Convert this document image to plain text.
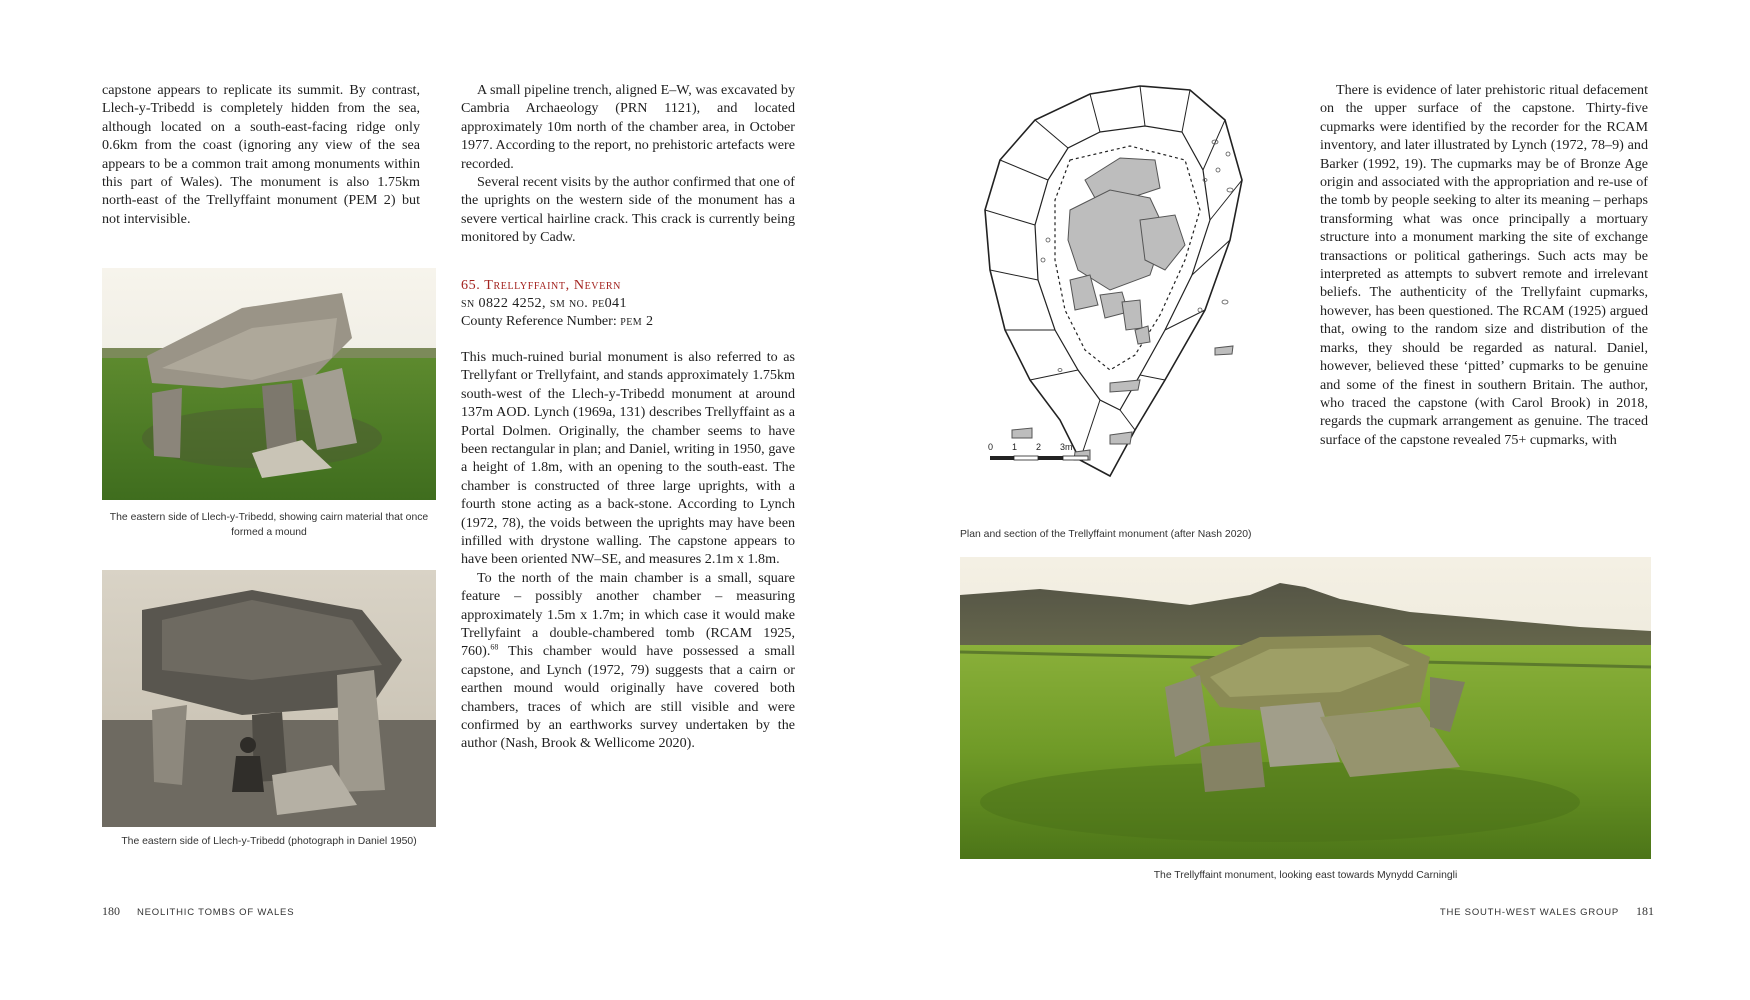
capstone appears to replicate its summit. By contrast, Llech-y-Tribedd is completely hidden from the sea, although located on a south-east-facing ridge only 0.6km from the coast (ignoring any view of the sea appears to be a common trait among monuments within this part of Wales). The monument is also 1.75km north-east of the Trellyffaint monument (PEM 2) but not intervisible.

The eastern side of Llech-y-Tribedd, showing cairn material that once formed a mound
The eastern side of Llech-y-Tribedd (photograph in Daniel 1950)

A small pipeline trench, aligned E–W, was excavated by Cambria Archaeology (PRN 1121), and located approximately 10m north of the chamber area, in October 1977. According to the report, no prehistoric artefacts were recorded.

Several recent visits by the author confirmed that one of the uprights on the western side of the monument has a severe vertical hairline crack. This crack is currently being monitored by Cadw.

65. Trellyffaint, Nevern

sn 0822 4252, sm no. pe041

County Reference Number: pem 2

This much-ruined burial monument is also referred to as Trellyfant or Trellyfaint, and stands approximately 1.75km south-west of the Llech-y-Tribedd monument at around 137m AOD. Lynch (1969a, 131) describes Trellyffaint as a Portal Dolmen. Originally, the chamber seems to have been rectangular in plan; and Daniel, writing in 1950, gave a height of 1.8m, with an opening to the south-east. The chamber is constructed of three large uprights, with a fourth stone acting as a back-stone. According to Lynch (1972, 78), the voids between the uprights may have been infilled with drystone walling. The capstone appears to have been oriented NW–SE, and measures 2.1m x 1.8m.

To the north of the main chamber is a small, square feature – possibly another chamber – measuring approximately 1.5m x 1.7m; in which case it would make Trellyfaint a double-chambered tomb (RCAM 1925, 760).$^{68}$ This chamber would have possessed a small capstone, and Lynch (1972, 79) suggests that a cairn or earthen mound would originally have covered both chambers, traces of which are still visible and were confirmed by an earthworks survey undertaken by the author (Nash, Brook & Wellicome 2020).

180 NEOLITHIC TOMBS OF WALES
0 1 2 3m
Plan and section of the Trellyffaint monument (after Nash 2020)

There is evidence of later prehistoric ritual defacement on the upper surface of the capstone. Thirty-five cupmarks were identified by the recorder for the RCAM inventory, and later illustrated by Lynch (1972, 78–9) and Barker (1992, 19). The cupmarks may be of Bronze Age origin and associated with the appropriation and re-use of the tomb by people seeking to alter its meaning – perhaps transforming what was once principally a mortuary structure into a monument marking the site of exchange transactions or political gatherings. Such acts may be interpreted as attempts to subvert remote and irrelevant beliefs. The authenticity of the Trellyfaint cupmarks, however, has been questioned. The RCAM (1925) argued that, owing to the random size and distribution of the marks, they should be regarded as natural. Daniel, however, believed these ‘pitted’ cupmarks to be genuine and some of the finest in southern Britain. The author, who traced the capstone (with Carol Brook) in 2018, regards the cupmark arrangement as genuine. The traced surface of the capstone revealed 75+ cupmarks, with

The Trellyffaint monument, looking east towards Mynydd Carningli
THE SOUTH-WEST WALES GROUP 181
